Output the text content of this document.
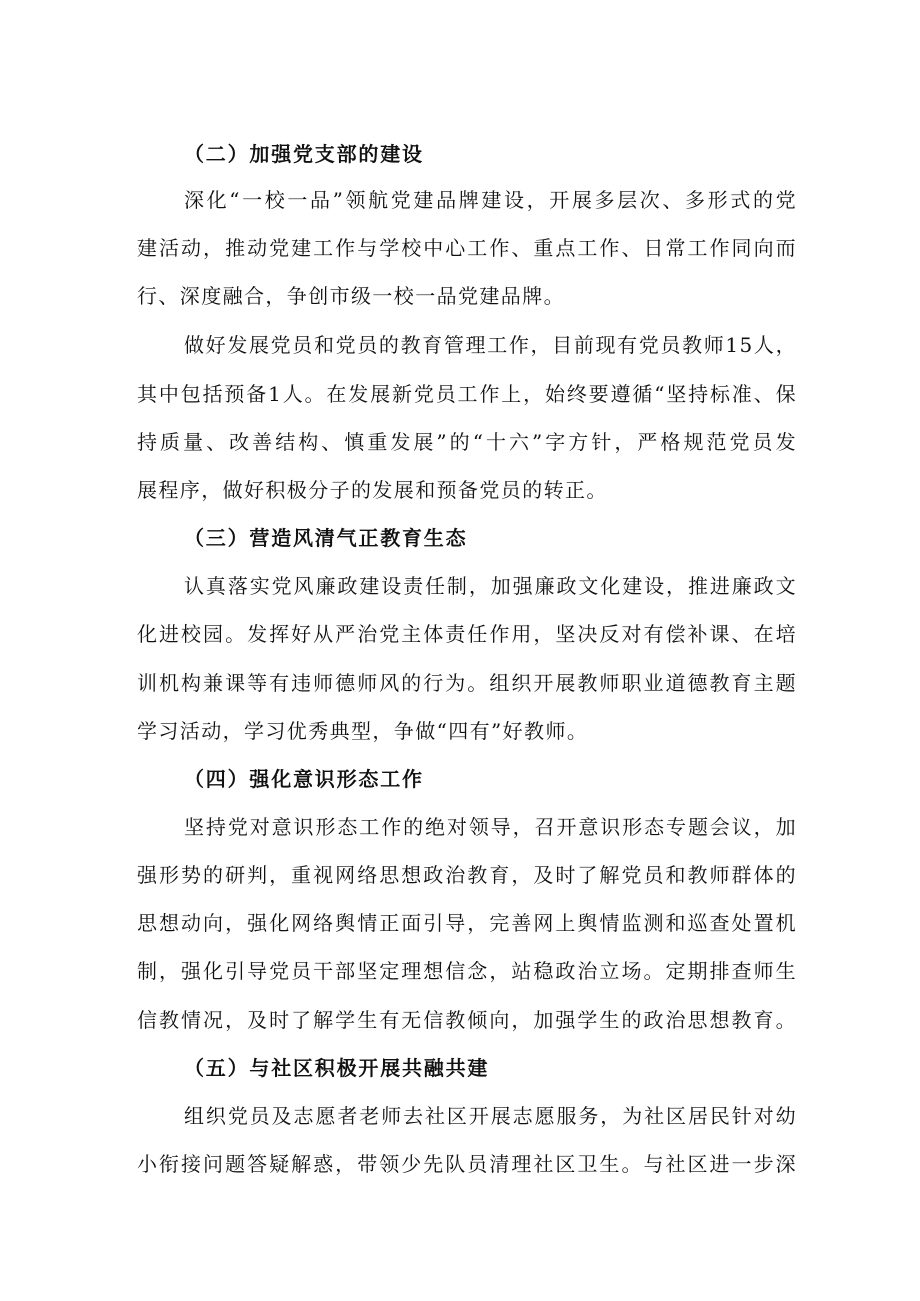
（二）加强党支部的建设
深化“一校一品”领航党建品牌建设，开展多层次、多形式的党
建活动，推动党建工作与学校中心工作、重点工作、日常工作同向而
行、深度融合，争创市级一校一品党建品牌。
做好发展党员和党员的教育管理工作，目前现有党员教师15人，
其中包括预备1人。在发展新党员工作上，始终要遵循“坚持标准、保
持质量、改善结构、慎重发展”的“十六”字方针，严格规范党员发
展程序，做好积极分子的发展和预备党员的转正。
（三）营造风清气正教育生态
认真落实党风廉政建设责任制，加强廉政文化建设，推进廉政文
化进校园。发挥好从严治党主体责任作用，坚决反对有偿补课、在培
训机构兼课等有违师德师风的行为。组织开展教师职业道德教育主题
学习活动，学习优秀典型，争做“四有”好教师。
（四）强化意识形态工作
坚持党对意识形态工作的绝对领导，召开意识形态专题会议，加
强形势的研判，重视网络思想政治教育，及时了解党员和教师群体的
思想动向，强化网络舆情正面引导，完善网上舆情监测和巡查处置机
制，强化引导党员干部坚定理想信念，站稳政治立场。定期排查师生
信教情况，及时了解学生有无信教倾向，加强学生的政治思想教育。
（五）与社区积极开展共融共建
组织党员及志愿者老师去社区开展志愿服务，为社区居民针对幼
小衔接问题答疑解惑，带领少先队员清理社区卫生。与社区进一步深
